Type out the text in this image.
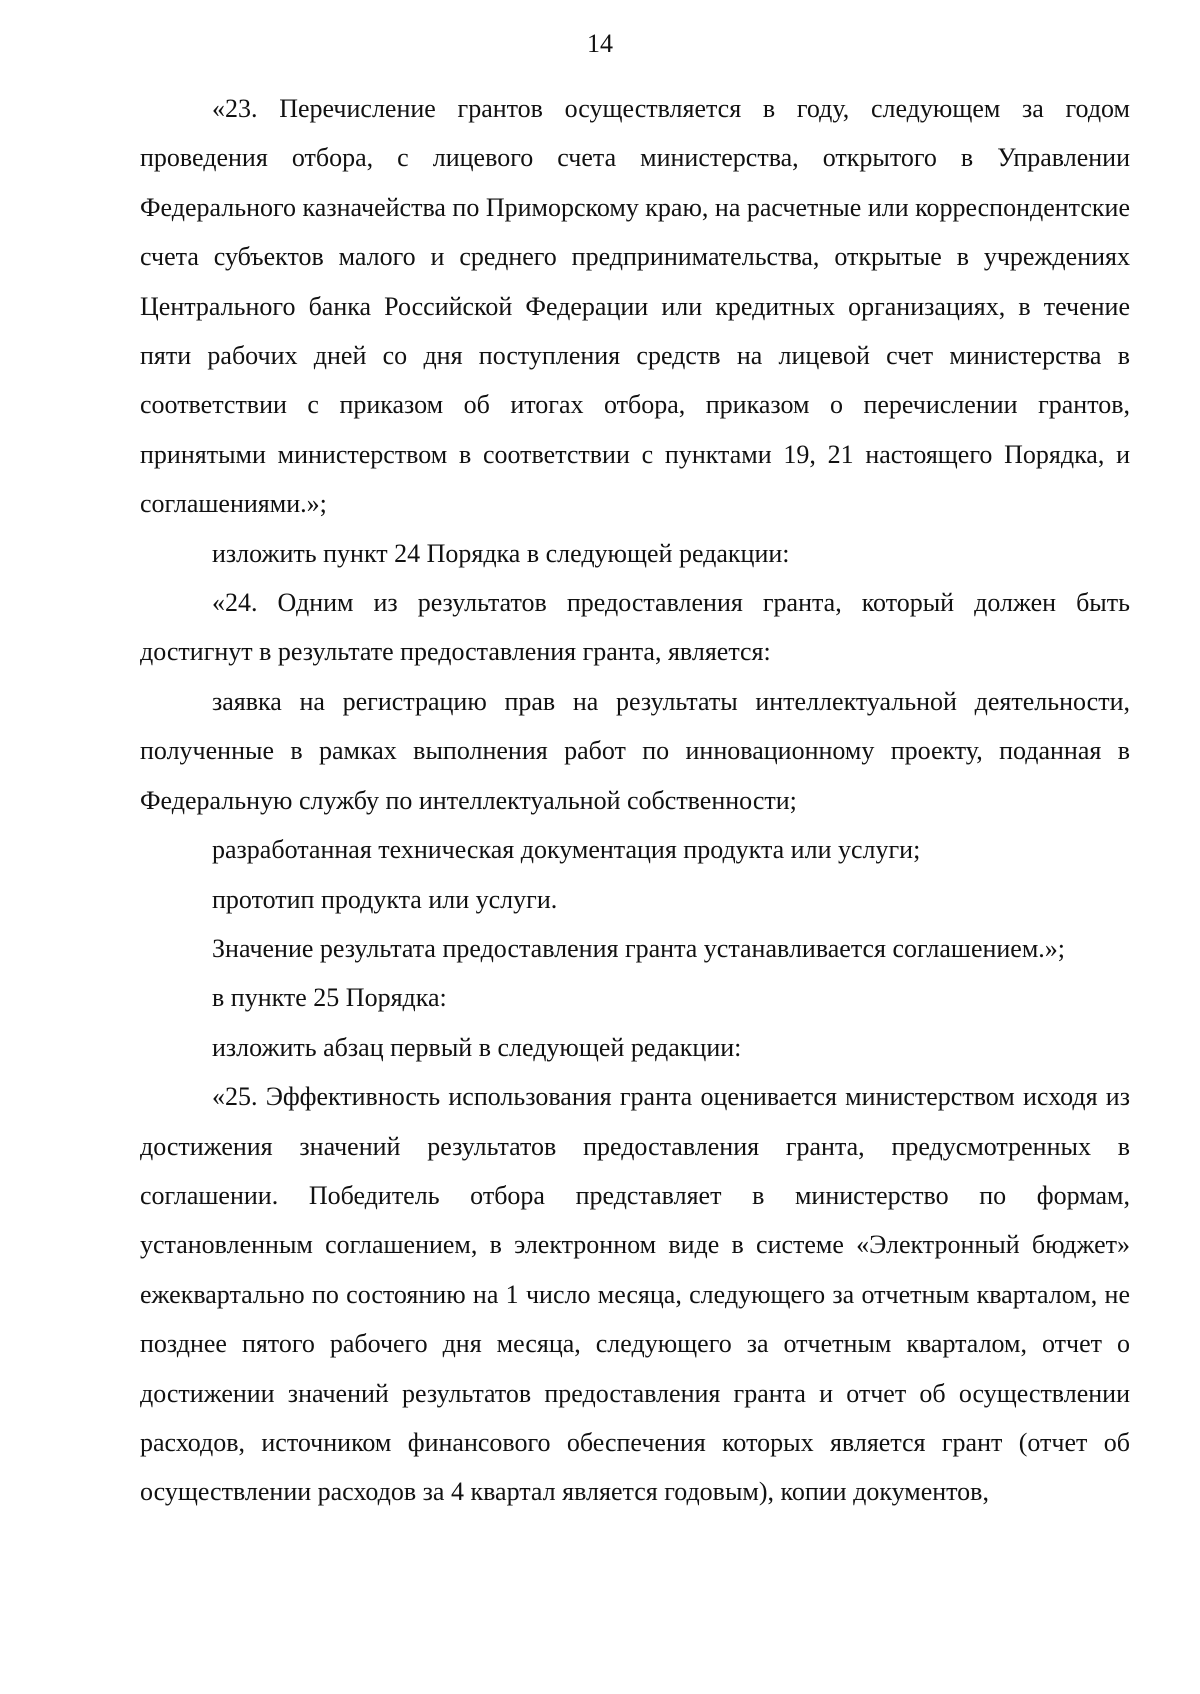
14

«23. Перечисление грантов осуществляется в году, следующем за годом проведения отбора, с лицевого счета министерства, открытого в Управлении Федерального казначейства по Приморскому краю, на расчетные или корреспондентские счета субъектов малого и среднего предпринимательства, открытые в учреждениях Центрального банка Российской Федерации или кредитных организациях, в течение пяти рабочих дней со дня поступления средств на лицевой счет министерства в соответствии с приказом об итогах отбора, приказом о перечислении грантов, принятыми министерством в соответствии с пунктами 19, 21 настоящего Порядка, и соглашениями.»;

изложить пункт 24 Порядка в следующей редакции:

«24. Одним из результатов предоставления гранта, который должен быть достигнут в результате предоставления гранта, является:

заявка на регистрацию прав на результаты интеллектуальной деятельности, полученные в рамках выполнения работ по инновационному проекту, поданная в Федеральную службу по интеллектуальной собственности;

разработанная техническая документация продукта или услуги;

прототип продукта или услуги.

Значение результата предоставления гранта устанавливается соглашением.»;

в пункте 25 Порядка:

изложить абзац первый в следующей редакции:

«25. Эффективность использования гранта оценивается министерством исходя из достижения значений результатов предоставления гранта, предусмотренных в соглашении. Победитель отбора представляет в министерство по формам, установленным соглашением, в электронном виде в системе «Электронный бюджет» ежеквартально по состоянию на 1 число месяца, следующего за отчетным кварталом, не позднее пятого рабочего дня месяца, следующего за отчетным кварталом, отчет о достижении значений результатов предоставления гранта и отчет об осуществлении расходов, источником финансового обеспечения которых является грант (отчет об осуществлении расходов за 4 квартал является годовым), копии документов,
